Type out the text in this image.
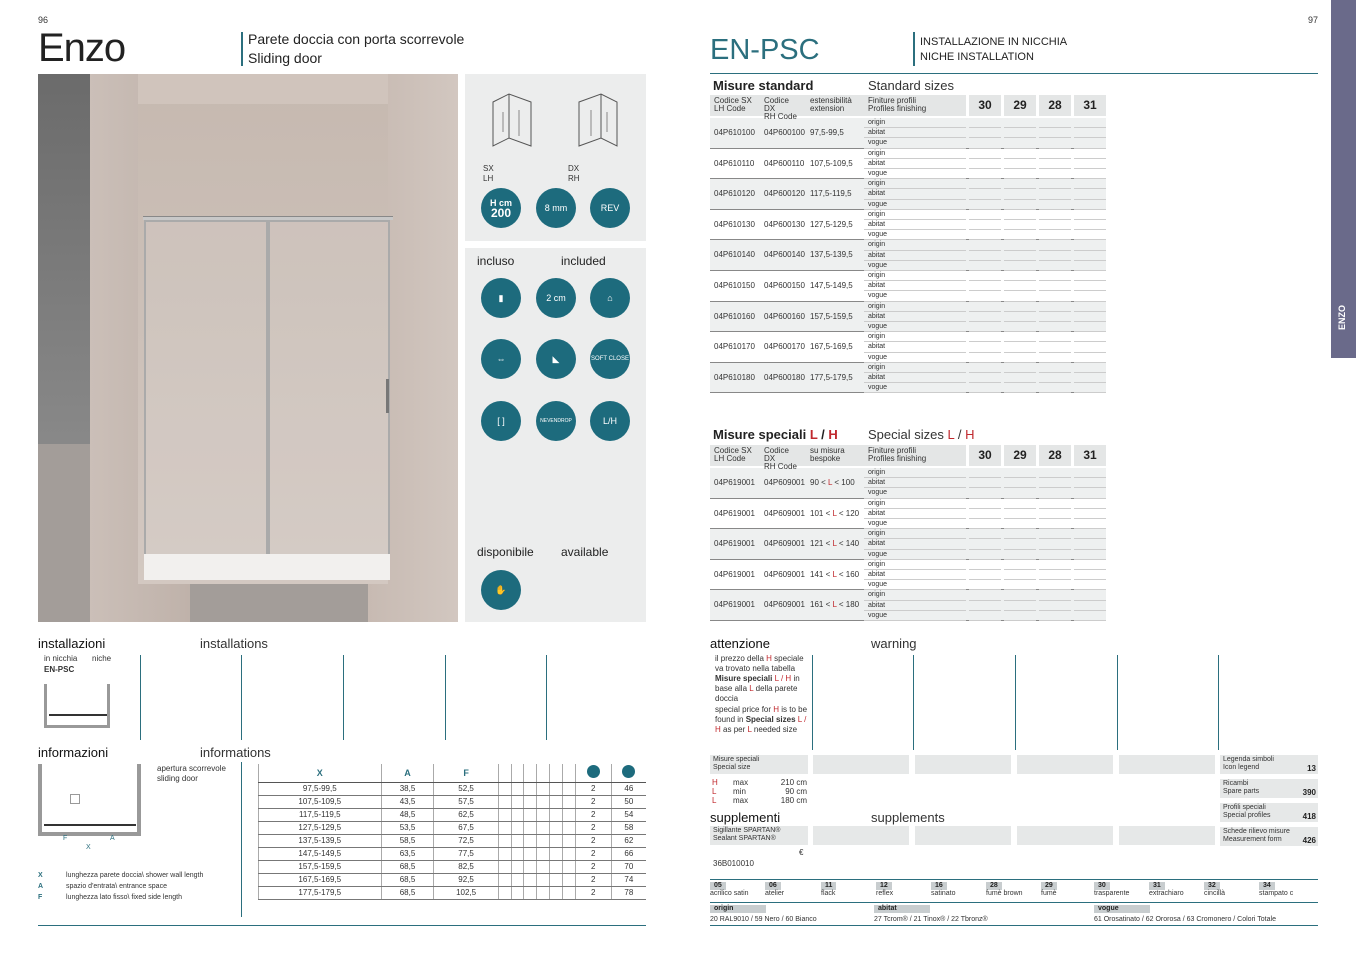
96
Enzo	Parete doccia con porta scorrevole
Sliding door
SX
LH
DX
RH
H cm
200	8 mm	REV
incluso	included
▮	2 cm	⌂
⇔	◣	SOFT CLOSE
[ ]	NEVENDROP	L/H
disponibile available
✋
installazioni	installations
in nicchia niche
EN-PSC
informazioni	informations
F	A
X
apertura scorrevole
sliding door
X	lunghezza parete doccia\ shower wall length
A	spazio d'entrata\ entrance space
F	lunghezza lato fisso\ fixed side length
X	A	F								
97,5-99,5	38,5	52,5							2	46
107,5-109,5	43,5	57,5							2	50
117,5-119,5	48,5	62,5							2	54
127,5-129,5	53,5	67,5							2	58
137,5-139,5	58,5	72,5							2	62
147,5-149,5	63,5	77,5							2	66
157,5-159,5	68,5	82,5							2	70
167,5-169,5	68,5	92,5							2	74
177,5-179,5	68,5	102,5							2	78
97
ENZO
EN-PSC	INSTALLAZIONE IN NICCHIA
NICHE INSTALLATION
Misure standard	Standard sizes
Codice SX
LH Code
Codice DX
RH Code
estensibilità
extension
Finiture profili
Profiles finishing	30	29	28	31
04P610100	04P600100 97,5-99,5
origin
abitat
vogue
04P610110	04P600110 107,5-109,5
origin
abitat
vogue
04P610120	04P600120 117,5-119,5
origin
abitat
vogue
04P610130	04P600130 127,5-129,5
origin
abitat
vogue
04P610140	04P600140 137,5-139,5
origin
abitat
vogue
04P610150	04P600150 147,5-149,5
origin
abitat
vogue
04P610160	04P600160 157,5-159,5
origin
abitat
vogue
04P610170	04P600170 167,5-169,5
origin
abitat
vogue
04P610180	04P600180 177,5-179,5
origin
abitat
vogue
Misure speciali L / H Special sizes L / H
Codice SX
LH Code
Codice DX
RH Code
su misura
bespoke
Finiture profili
Profiles finishing	30	29	28	31
04P619001	04P609001 90 < L < 100
origin
abitat
vogue
04P619001	04P609001 101 < L < 120
origin
abitat
vogue
04P619001	04P609001 121 < L < 140
origin
abitat
vogue
04P619001	04P609001 141 < L < 160
origin
abitat
vogue
04P619001	04P609001 161 < L < 180
origin
abitat
vogue
attenzione	warning
il prezzo della H speciale va trovato nella tabella Misure speciali L / H in base alla L della parete doccia
special price for H is to be found in Special sizes L / H as per L needed size
Misure speciali
Special size
H	max	210 cm
L	min	90 cm
L	max	180 cm
Legenda simboli
Icon legend	13
Ricambi
Spare parts	390
Profili speciali
Special profiles	418
Schede rilievo misure
Measurement form	426
supplementi	supplements
Sigillante SPARTAN®
Sealant SPARTAN®
€
36B010010
05
acrilico satin
06
atelier
11
flack
12
reflex
16
satinato
28
fumè brown
29
fumè
30
trasparente
31
extrachiaro
32
cincillà
34
stampato c
origin
20 RAL9010 / 59 Nero / 60 Bianco
abitat
27 Tcrom® / 21 Tinox® / 22 Tbronz®
vogue
61 Orosatinato / 62 Ororosa / 63 Cromonero / Colori Totale
